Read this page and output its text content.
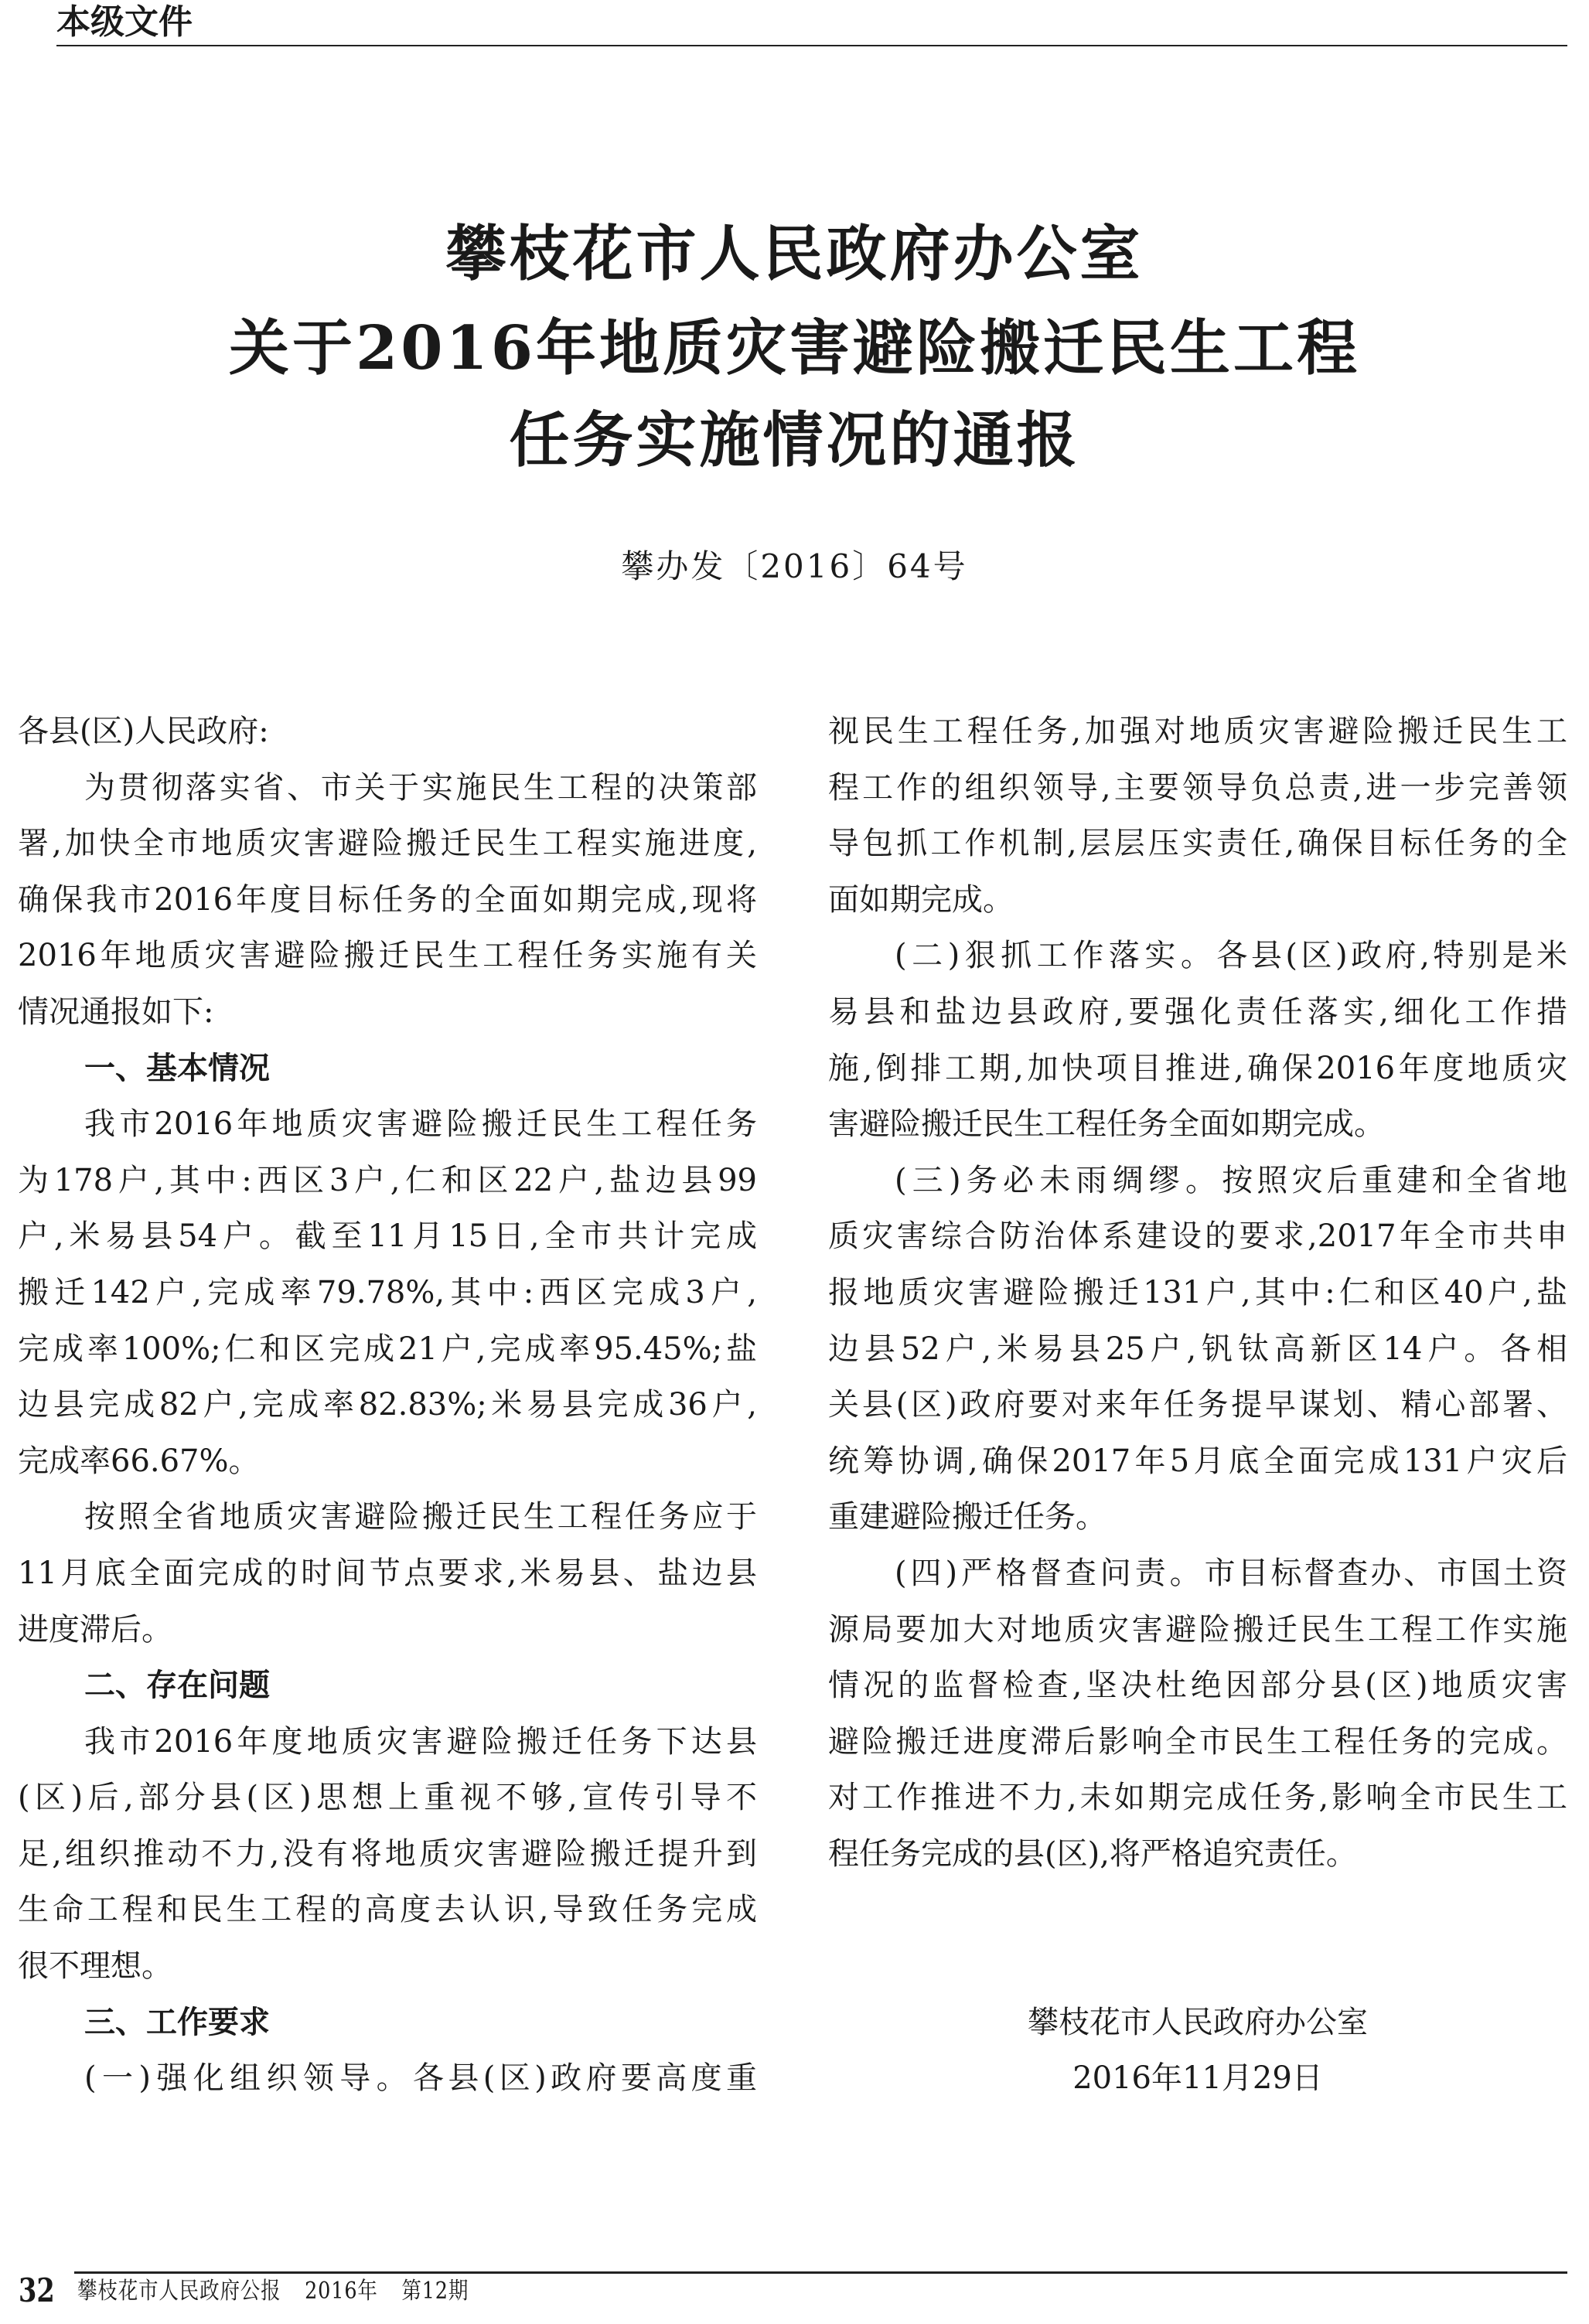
本级文件
攀枝花市人民政府办公室
关于2016年地质灾害避险搬迁民生工程
任务实施情况的通报
攀办发〔2016〕64号
各县(区)人民政府:
为贯彻落实省、市关于实施民生工程的决策部
署,加快全市地质灾害避险搬迁民生工程实施进度,
确保我市2016年度目标任务的全面如期完成,现将
2016年地质灾害避险搬迁民生工程任务实施有关
情况通报如下:
一、基本情况
我市2016年地质灾害避险搬迁民生工程任务
为178户,其中:西区3户,仁和区22户,盐边县99
户,米易县54户。截至11月15日,全市共计完成
搬迁142户,完成率79.78%,其中:西区完成3户,
完成率100%;仁和区完成21户,完成率95.45%;盐
边县完成82户,完成率82.83%;米易县完成36户,
完成率66.67%。
按照全省地质灾害避险搬迁民生工程任务应于
11月底全面完成的时间节点要求,米易县、盐边县
进度滞后。
二、存在问题
我市2016年度地质灾害避险搬迁任务下达县
(区)后,部分县(区)思想上重视不够,宣传引导不
足,组织推动不力,没有将地质灾害避险搬迁提升到
生命工程和民生工程的高度去认识,导致任务完成
很不理想。
三、工作要求
(一)强化组织领导。各县(区)政府要高度重
视民生工程任务,加强对地质灾害避险搬迁民生工
程工作的组织领导,主要领导负总责,进一步完善领
导包抓工作机制,层层压实责任,确保目标任务的全
面如期完成。
(二)狠抓工作落实。各县(区)政府,特别是米
易县和盐边县政府,要强化责任落实,细化工作措
施,倒排工期,加快项目推进,确保2016年度地质灾
害避险搬迁民生工程任务全面如期完成。
(三)务必未雨绸缪。按照灾后重建和全省地
质灾害综合防治体系建设的要求,2017年全市共申
报地质灾害避险搬迁131户,其中:仁和区40户,盐
边县52户,米易县25户,钒钛高新区14户。各相
关县(区)政府要对来年任务提早谋划、精心部署、
统筹协调,确保2017年5月底全面完成131户灾后
重建避险搬迁任务。
(四)严格督查问责。市目标督查办、市国土资
源局要加大对地质灾害避险搬迁民生工程工作实施
情况的监督检查,坚决杜绝因部分县(区)地质灾害
避险搬迁进度滞后影响全市民生工程任务的完成。
对工作推进不力,未如期完成任务,影响全市民生工
程任务完成的县(区),将严格追究责任。
攀枝花市人民政府办公室
2016年11月29日
32 攀枝花市人民政府公报 2016年 第12期
